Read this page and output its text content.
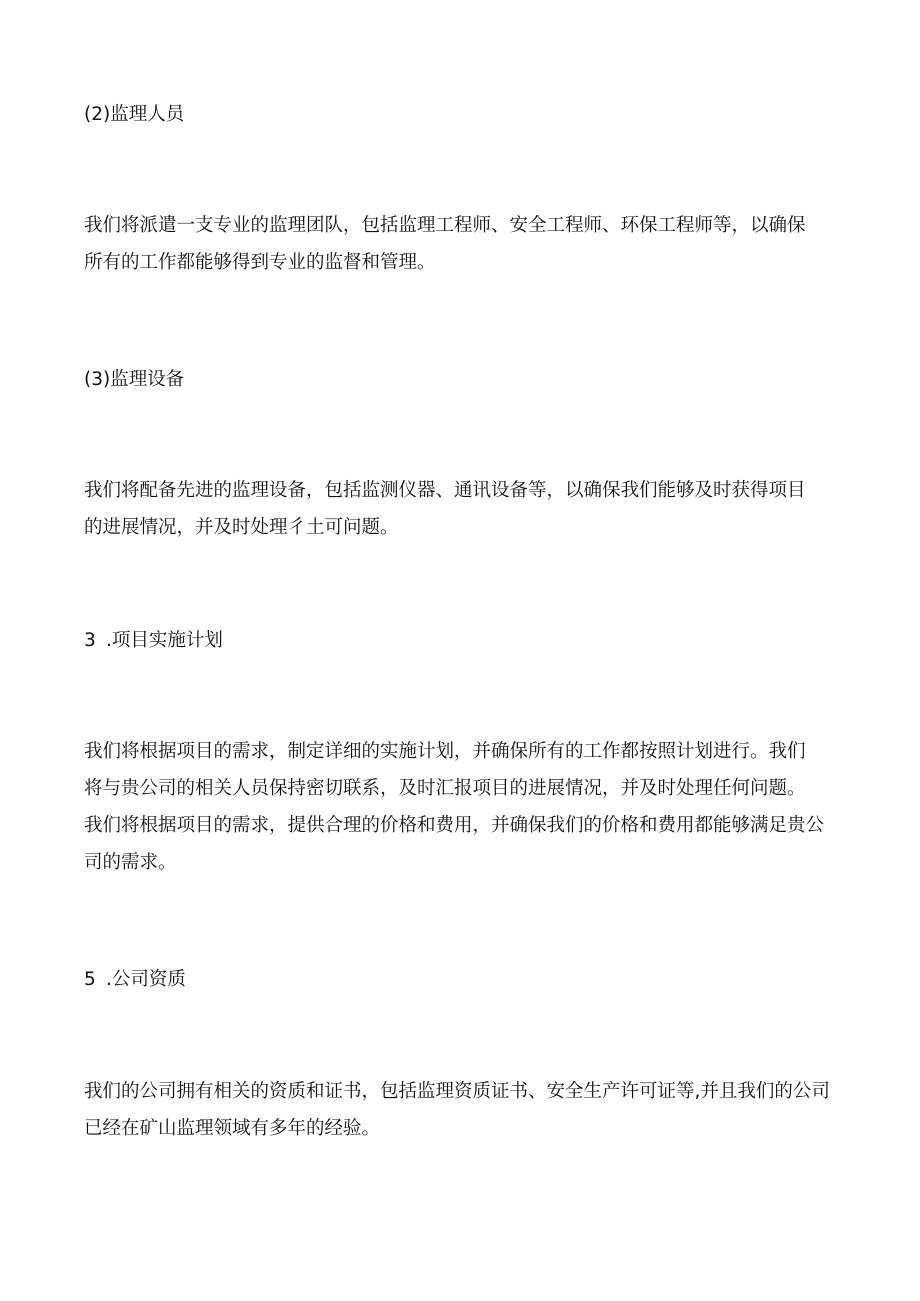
(2)监理人员
我们将派遣一支专业的监理团队，包括监理工程师、安全工程师、环保工程师等，以确保
所有的工作都能够得到专业的监督和管理。
(3)监理设备
我们将配备先进的监理设备，包括监测仪器、通讯设备等，以确保我们能够及时获得项目
的进展情况，并及时处理彳土可问题。
3 .项目实施计划
我们将根据项目的需求，制定详细的实施计划，并确保所有的工作都按照计划进行。我们
将与贵公司的相关人员保持密切联系，及时汇报项目的进展情况，并及时处理任何问题。
我们将根据项目的需求，提供合理的价格和费用，并确保我们的价格和费用都能够满足贵公
司的需求。
5 .公司资质
我们的公司拥有相关的资质和证书，包括监理资质证书、安全生产许可证等,并且我们的公司
已经在矿山监理领域有多年的经验。
